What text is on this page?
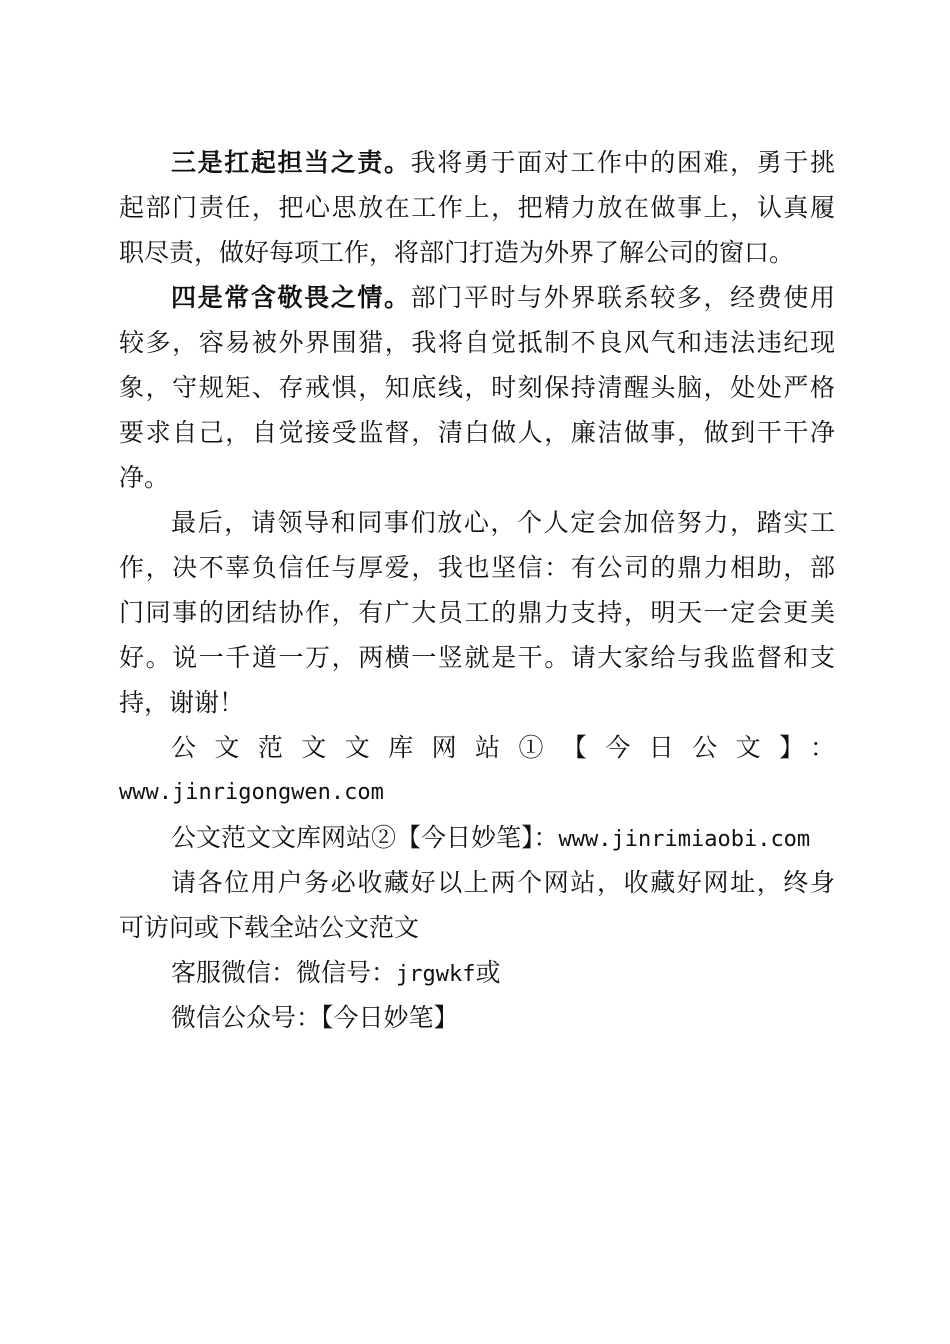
三是扛起担当之责。我将勇于面对工作中的困难，勇于挑
起部门责任，把心思放在工作上，把精力放在做事上，认真履
职尽责，做好每项工作，将部门打造为外界了解公司的窗口。
四是常含敬畏之情。部门平时与外界联系较多，经费使用
较多，容易被外界围猎，我将自觉抵制不良风气和违法违纪现
象，守规矩、存戒惧，知底线，时刻保持清醒头脑，处处严格
要求自己，自觉接受监督，清白做人，廉洁做事，做到干干净
净。
最后，请领导和同事们放心，个人定会加倍努力，踏实工
作，决不辜负信任与厚爱，我也坚信：有公司的鼎力相助，部
门同事的团结协作，有广大员工的鼎力支持，明天一定会更美
好。说一千道一万，两横一竖就是干。请大家给与我监督和支
持，谢谢！
公文范文文库网站①【今日公文】：
www.jinrigongwen.com
公文范文文库网站②【今日妙笔】：www.jinrimiaobi.com
请各位用户务必收藏好以上两个网站，收藏好网址，终身
可访问或下载全站公文范文
客服微信：微信号：jrgwkf或
微信公众号：【今日妙笔】
